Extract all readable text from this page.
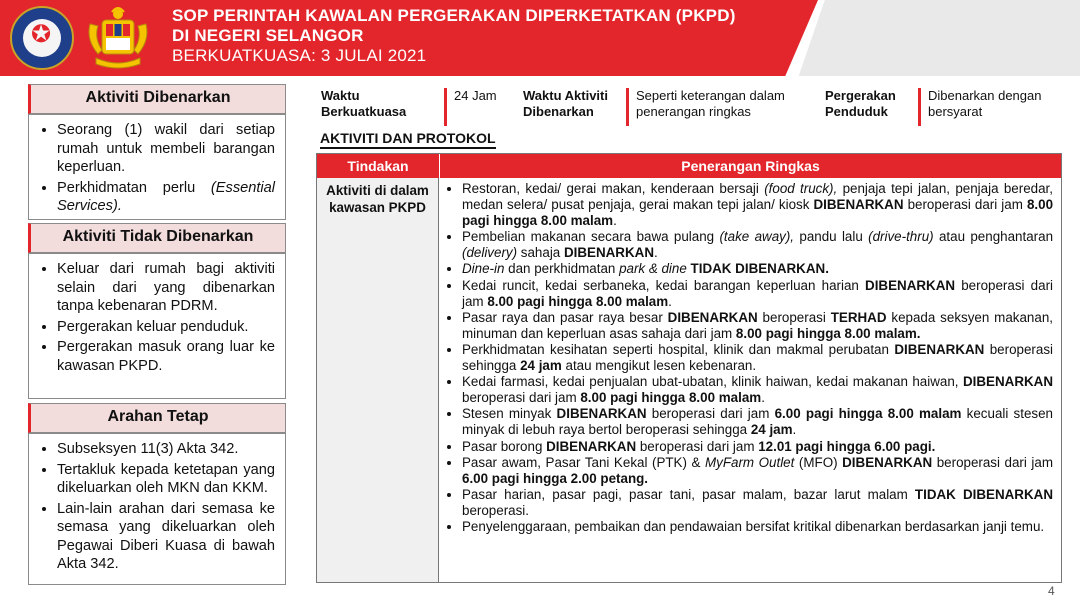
✪
SOP PERINTAH KAWALAN PERGERAKAN DIPERKETATKAN (PKPD)
DI NEGERI SELANGOR
BERKUATKUASA: 3 JULAI 2021
Aktiviti Dibenarkan
• Seorang (1) wakil dari setiap rumah untuk membeli barangan keperluan.
• Perkhidmatan perlu (Essential Services).
Aktiviti Tidak Dibenarkan
• Keluar dari rumah bagi aktiviti selain dari yang dibenarkan tanpa kebenaran PDRM.
• Pergerakan keluar penduduk.
• Pergerakan masuk orang luar ke kawasan PKPD.
Arahan Tetap
• Subseksyen 11(3) Akta 342.
• Tertakluk kepada ketetapan yang dikeluarkan oleh MKN dan KKM.
• Lain-lain arahan dari semasa ke semasa yang dikeluarkan oleh Pegawai Diberi Kuasa di bawah Akta 342.
Waktu Berkuatkuasa
24 Jam	Waktu Aktiviti Dibenarkan
Seperti keterangan dalam penerangan ringkas
Pergerakan Penduduk
Dibenarkan dengan bersyarat
AKTIVITI DAN PROTOKOL
Tindakan	Penerangan Ringkas
Aktiviti di dalam kawasan PKPD
• Restoran, kedai/ gerai makan, kenderaan bersaji (food truck), penjaja tepi jalan, penjaja beredar, medan selera/ pusat penjaja, gerai makan tepi jalan/ kiosk DIBENARKAN beroperasi dari jam 8.00 pagi hingga 8.00 malam.
• Pembelian makanan secara bawa pulang (take away), pandu lalu (drive-thru) atau penghantaran (delivery) sahaja DIBENARKAN.
• Dine-in dan perkhidmatan park & dine TIDAK DIBENARKAN.
• Kedai runcit, kedai serbaneka, kedai barangan keperluan harian DIBENARKAN beroperasi dari jam 8.00 pagi hingga 8.00 malam.
• Pasar raya dan pasar raya besar DIBENARKAN beroperasi TERHAD kepada seksyen makanan, minuman dan keperluan asas sahaja dari jam 8.00 pagi hingga 8.00 malam.
• Perkhidmatan kesihatan seperti hospital, klinik dan makmal perubatan DIBENARKAN beroperasi sehingga 24 jam atau mengikut lesen kebenaran.
• Kedai farmasi, kedai penjualan ubat-ubatan, klinik haiwan, kedai makanan haiwan, DIBENARKAN beroperasi dari jam 8.00 pagi hingga 8.00 malam.
• Stesen minyak DIBENARKAN beroperasi dari jam 6.00 pagi hingga 8.00 malam kecuali stesen minyak di lebuh raya bertol beroperasi sehingga 24 jam.
• Pasar borong DIBENARKAN beroperasi dari jam 12.01 pagi hingga 6.00 pagi.
• Pasar awam, Pasar Tani Kekal (PTK) & MyFarm Outlet (MFO) DIBENARKAN beroperasi dari jam 6.00 pagi hingga 2.00 petang.
• Pasar harian, pasar pagi, pasar tani, pasar malam, bazar larut malam TIDAK DIBENARKAN beroperasi.
• Penyelenggaraan, pembaikan dan pendawaian bersifat kritikal dibenarkan berdasarkan janji temu.
4
